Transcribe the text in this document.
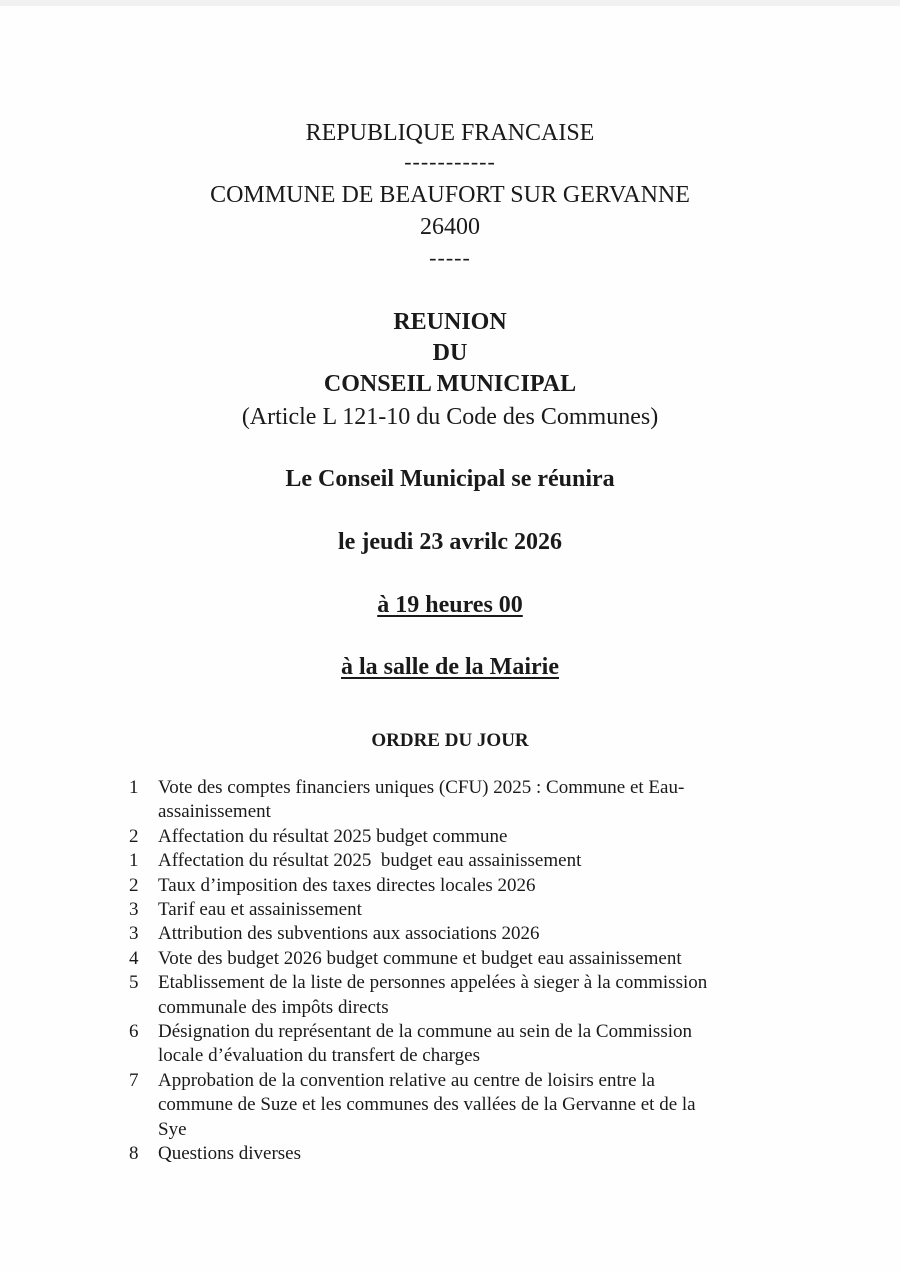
REPUBLIQUE FRANCAISE
-----------
COMMUNE DE BEAUFORT SUR GERVANNE
26400
-----
REUNION
DU
CONSEIL MUNICIPAL
(Article L 121-10 du Code des Communes)
Le Conseil Municipal se réunira
le jeudi 23 avrilc 2026
à 19 heures 00
à la salle de la Mairie
ORDRE DU JOUR
1	Vote des comptes financiers uniques (CFU) 2025 : Commune et Eau-
assainissement
2	Affectation du résultat 2025 budget commune
1	Affectation du résultat 2025  budget eau assainissement
2	Taux d’imposition des taxes directes locales 2026
3	Tarif eau et assainissement
3	Attribution des subventions aux associations 2026
4	Vote des budget 2026 budget commune et budget eau assainissement
5	Etablissement de la liste de personnes appelées à sieger à la commission
communale des impôts directs
6	Désignation du représentant de la commune au sein de la Commission
locale d’évaluation du transfert de charges
7	Approbation de la convention relative au centre de loisirs entre la
commune de Suze et les communes des vallées de la Gervanne et de la
Sye
8	Questions diverses
